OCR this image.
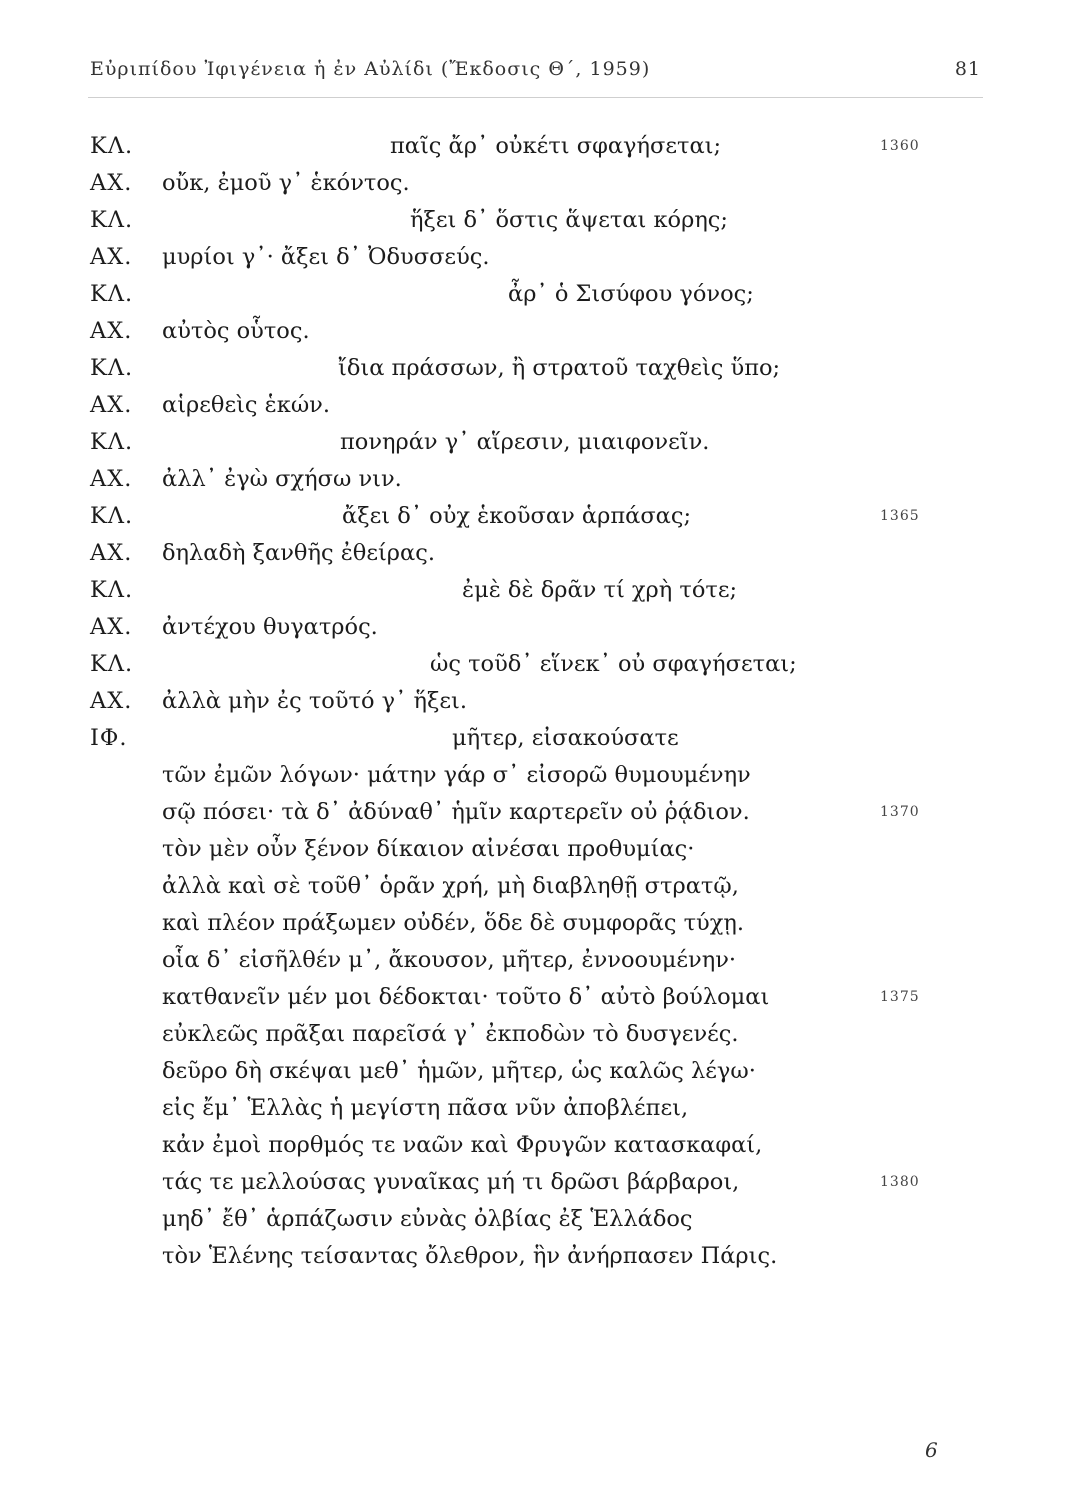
Εὐριπίδου Ἰφιγένεια ἡ ἐν Αὐλίδι (Ἔκδοσις Θ΄, 1959)	81
ΚΛ.	παῖς ἄρ᾽ οὐκέτι σφαγήσεται;	1360
ΑΧ. οὔκ, ἐμοῦ γ᾽ ἑκόντος.
ΚΛ.	ἥξει δ᾽ ὅστις ἅψεται κόρης;
ΑΧ. μυρίοι γ᾽· ἄξει δ᾽ Ὀδυσσεύς.
ΚΛ.	ἆρ᾽ ὁ Σισύφου γόνος;
ΑΧ. αὐτὸς οὗτος.
ΚΛ.	ἴδια πράσσων, ἢ στρατοῦ ταχθεὶς ὕπο;
ΑΧ. αἱρεθεὶς ἑκών.
ΚΛ.	πονηράν γ᾽ αἵρεσιν, μιαιφονεῖν.
ΑΧ. ἀλλ᾽ ἐγὼ σχήσω νιν.
ΚΛ.	ἄξει δ᾽ οὐχ ἑκοῦσαν ἁρπάσας;	1365
ΑΧ. δηλαδὴ ξανθῆς ἐθείρας.
ΚΛ.	ἐμὲ δὲ δρᾶν τί χρὴ τότε;
ΑΧ. ἀντέχου θυγατρός.
ΚΛ.	ὡς τοῦδ᾽ εἵνεκ᾽ οὐ σφαγήσεται;
ΑΧ. ἀλλὰ μὴν ἐς τοῦτό γ᾽ ἥξει.
ΙΦ.	μῆτερ, εἰσακούσατε
τῶν ἐμῶν λόγων· μάτην γάρ σ᾽ εἰσορῶ θυμουμένην
σῷ πόσει· τὰ δ᾽ ἀδύναθ᾽ ἡμῖν καρτερεῖν οὐ ῥᾴδιον.	1370
τὸν μὲν οὖν ξένον δίκαιον αἰνέσαι προθυμίας·
ἀλλὰ καὶ σὲ τοῦθ᾽ ὁρᾶν χρή, μὴ διαβληθῇ στρατῷ,
καὶ πλέον πράξωμεν οὐδέν, ὅδε δὲ συμφορᾶς τύχῃ.
οἷα δ᾽ εἰσῆλθέν μ᾽, ἄκουσον, μῆτερ, ἐννοουμένην·
κατθανεῖν μέν μοι δέδοκται· τοῦτο δ᾽ αὐτὸ βούλομαι	1375
εὐκλεῶς πρᾶξαι παρεῖσά γ᾽ ἐκποδὼν τὸ δυσγενές.
δεῦρο δὴ σκέψαι μεθ᾽ ἡμῶν, μῆτερ, ὡς καλῶς λέγω·
εἰς ἔμ᾽ Ἑλλὰς ἡ μεγίστη πᾶσα νῦν ἀποβλέπει,
κἀν ἐμοὶ πορθμός τε ναῶν καὶ Φρυγῶν κατασκαφαί,
τάς τε μελλούσας γυναῖκας μή τι δρῶσι βάρβαροι,	1380
μηδ᾽ ἔθ᾽ ἁρπάζωσιν εὐνὰς ὀλβίας ἐξ Ἑλλάδος
τὸν Ἑλένης τείσαντας ὄλεθρον, ἣν ἀνήρπασεν Πάρις.
6
